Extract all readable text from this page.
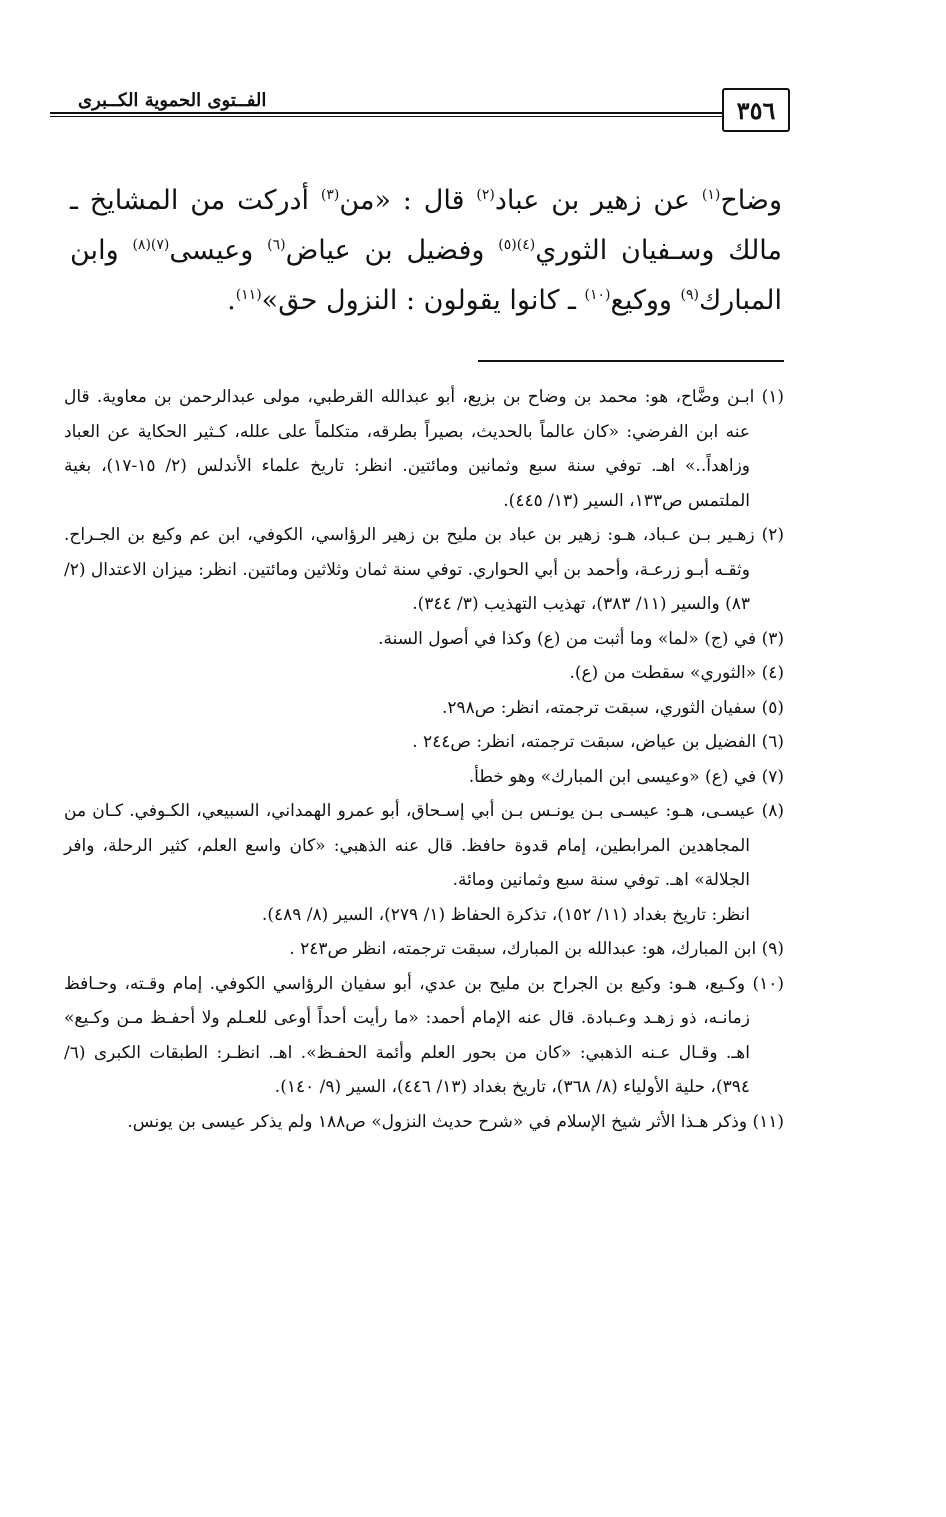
الفــتوى الحموية الكــبرى	٣٥٦

وضاح$^{(١)}$ عن زهير بن عباد$^{(٢)}$ قال : «من$^{(٣)}$ أدركت من المشايخ ـ مالك وسـفيان الثوري$^{(٤)(٥)}$ وفضيل بن عياض$^{(٦)}$ وعيسى$^{(٧)(٨)}$ وابن المبارك$^{(٩)}$ ووكيع$^{(١٠)}$ ـ كانوا يقولون : النزول حق»$^{(١١)}$.

(١) ابـن وضَّاح، هو: محمد بن وضاح بن بزيع، أبو عبدالله القرطبي، مولى عبدالرحمن بن معاوية. قال عنه ابن الفرضي: «كان عالماً بالحديث، بصيراً بطرقه، متكلماً على علله، كـثير الحكاية عن العباد وزاهداً..» اهـ. توفي سنة سبع وثمانين ومائتين. انظر: تاريخ علماء الأندلس (٢/ ١٥-١٧)، بغية الملتمس ص١٣٣، السير (١٣/ ٤٤٥).
(٢) زهـير بـن عـباد، هـو: زهير بن عباد بن مليح بن زهير الرؤاسي، الكوفي، ابن عم وكيع بن الجـراح. وثقـه أبـو زرعـة، وأحمد بن أبي الحواري. توفي سنة ثمان وثلاثين ومائتين. انظر: ميزان الاعتدال (٢/ ٨٣) والسير (١١/ ٣٨٣)، تهذيب التهذيب (٣/ ٣٤٤).
(٣) في (ج) «لما» وما أثبت من (ع) وكذا في أصول السنة.
(٤) «الثوري» سقطت من (ع).
(٥) سفيان الثوري، سبقت ترجمته، انظر: ص٢٩٨.
(٦) الفضيل بن عياض، سبقت ترجمته، انظر: ص٢٤٤ .
(٧) في (ع) «وعيسى ابن المبارك» وهو خطأ.
(٨) عيسـى، هـو: عيسـى بـن يونـس بـن أبي إسـحاق، أبو عمرو الهمداني، السبيعي، الكـوفي. كـان من المجاهدين المرابطين، إمام قدوة حافظ. قال عنه الذهبي: «كان واسع العلم، كثير الرحلة، وافر الجلالة» اهـ. توفي سنة سبع وثمانين ومائة.
انظر: تاريخ بغداد (١١/ ١٥٢)، تذكرة الحفاظ (١/ ٢٧٩)، السير (٨/ ٤٨٩).
(٩) ابن المبارك، هو: عبدالله بن المبارك، سبقت ترجمته، انظر ص٢٤٣ .
(١٠) وكـيع، هـو: وكيع بن الجراح بن مليح بن عدي، أبو سفيان الرؤاسي الكوفي. إمام وقـته، وحـافظ زمانـه، ذو زهـد وعـبادة. قال عنه الإمام أحمد: «ما رأيت أحداً أوعى للعـلم ولا أحفـظ مـن وكـيع» اهـ. وقـال عـنه الذهبي: «كان من بحور العلم وأئمة الحفـظ». اهـ. انظـر: الطبقات الكبرى (٦/ ٣٩٤)، حلية الأولياء (٨/ ٣٦٨)، تاريخ بغداد (١٣/ ٤٤٦)، السير (٩/ ١٤٠).
(١١) وذكر هـذا الأثر شيخ الإسلام في «شرح حديث النزول» ص١٨٨ ولم يذكر عيسى بن يونس.
